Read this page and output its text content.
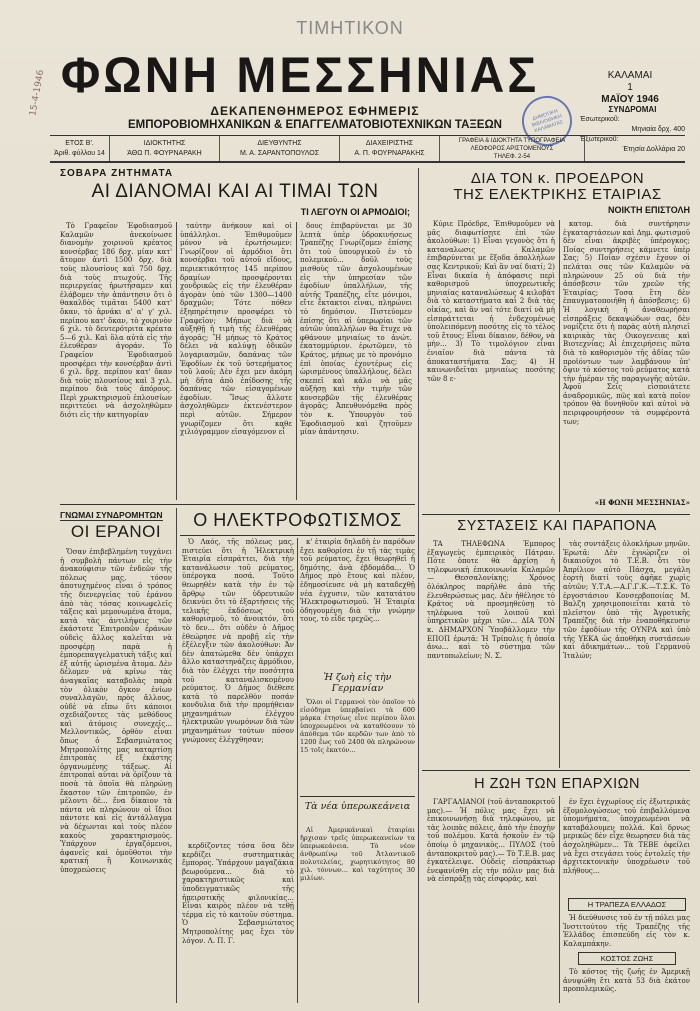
ΤΙΜΗΤΙΚΟΝ
ΦΩΝΗ ΜΕΣΣΗΝΙΑΣ
ΔΕΚΑΠΕΝΘΗΜΕΡΟΣ ΕΦΗΜΕΡΙΣ
ΕΜΠΟΡΟΒΙΟΜΗΧΑΝΙΚΩΝ & ΕΠΑΓΓΕΛΜΑΤΟΒΙΟΤΕΧΝΙΚΩΝ ΤΑΞΕΩΝ
15-4-1946	ΚΑΛΑΜΑΙ
1
ΜΑΪΟΥ 1946
ΔΗΜΟΤΙΚΗ ΒΙΒΛΙΟΘΗΚΗ ΚΑΛΑΜΑΤΑΣ
ΣΥΝΔΡΟΜΑΙ
Έσωτερικοῦ:
Μηνιαία δρχ. 400
Έξωτερικοῦ:
Έτησία Δολλάρια 20
ΕΤΟΣ Β'.
Ἀριθ. φύλλου 14
ΙΔΙΟΚΤΗΤΗΣ
ΆΘΩ Π. ΦΟΥΡΝΑΡΑΚΗ
ΔΙΕΥΘΥΝΤΗΣ
Μ. Α. ΣΑΡΑΝΤΟΠΟΥΛΟΣ
ΔΙΑΧΕΙΡΙΣΤΗΣ
Α. Π. ΦΟΥΡΝΑΡΑΚΗΣ
ΓΡΑΦΕΙΑ & ΙΔΙΟΚΤΗΤΑ ΤΥΠΟΓΡΑΦΕΙΑ
ΛΕΩΦΟΡΟΣ ΑΡΙΣΤΟΜΕΝΟΥΣ
ΤΗΛΕΦ. 2-54
ΣΟΒΑΡΑ ΖΗΤΗΜΑΤΑ
ΑΙ ΔΙΑΝΟΜΑΙ ΚΑΙ ΑΙ ΤΙΜΑΙ ΤΩΝ
ΤΙ ΛΕΓΟΥΝ ΟΙ ΑΡΜΟΔΙΟΙ;

Τὸ Γραφεῖον Ἐφοδιασμοῦ Καλαμῶν ἀνεκοίνωσε διανομὴν χοιρινοῦ κρέατος κονσέρβας 186 δρχ. μίαν κατ' ἄτομον ἀντὶ 1500 δρχ. διὰ τοὺς πλουσίους καὶ 750 δρχ. διὰ τοὺς πτωχούς. Τῆς περιεργείας ἠρωτήσαμεν καὶ ἐλάβομεν τὴν ἀπάντησιν ὅτι ὁ θακαλδὸς τιμᾶται 5400 κατ' ὄκαν, τὸ ἀρνάκι α' α' γ' χιλ. περίπου κατ' ὄκαν, τὸ χοιρινὸν 6 χιλ. τὸ δευτερότριτα κρέατα 5—6 χιλ. Καὶ ὅλα αὐτὰ εἰς τὴν ἐλευθέραν ἀγοράν. Τὸ Γραφεῖον Ἐφοδιασμοῦ προσφέρει τὴν κονσέρβαν ἀντὶ 6 χιλ. δρχ. περίπου κατ' ὄκαν διὰ τοὺς πλουσίους καὶ 3 χιλ. περίπου διὰ τοὺς ἀπόρους. Περὶ χρωκτηρισμοῦ ἐπλουσίων περιττεύει νὰ ἀσχοληθῶμεν διότι εἰς τὴν κατηγορίαν

ταύτην ἀνήκουν καὶ οἱ ὑπάλληλοι. Ἐπιθυμοῦμεν μόνον νὰ ἐρωτήσωμεν: Γνωρίζουν οἱ ἁρμόδιοι ὅτι κονσέρβαι τοῦ αὐτοῦ εἴδους, περιεκτικότητος 145 περίπου δραμίων προσφέρονται χονδρικῶς εἰς τὴν ἐλευθέραν ἀγορὰν ὑπὸ τῶν 1300—1400 δραχμῶν; Τότε πόθεν ἐξηπηρέτησιν προσφέρει τὸ Γραφεῖον; Μήπως διὰ νὰ αὐξηθῇ ἡ τιμὴ τῆς ἐλευθέρας ἀγορᾶς; Ἢ μήπως τὸ Κράτος δέλει νὰ καλύψῃ ὁδικῶν λογαριασμῶν, δαπάνας τῶν Ἐφοδίων ἐκ τοῦ ὑστερήματος τοῦ λαοῦ; Δὲν ἔχει μεν ἀκόμη μὴ δῆτα ἀπὸ ἐπίδοσης τῆς δαπάνας τῶν εἰσαγομένων ἐφοδίων. Ἴσως ἄλλοτε ἀσχοληθῶμεν ἐκτενέστερον περὶ αὐτῶν. Σήμερον γνωρίζομεν ὅτι καθε χιλιόγραμμον εἰσαγόμενον εἶ

δους ἐπιβαρύνεται με 30 λεπτὰ ὑπὲρ ὑδροκινήσεως Τραπέζης Γνωρίζομεν ἐπίσης ὅτι τοῦ ὑπουργικοῦ ἐν τὸ πολεμικοῦ... δοῦλ τοὺς μισθοὺς τῶν ἀσχολουμένων εἰς τὴν ὑπηρεσίαν τῶν ἐφοδίων ὑπαλλήλων, τῆς αὐτῆς Τραπέζης, εἴτε μόνιμοι, εἴτε ἔκτακτοι εἶναι, πληρώνει τὸ δημόσιον. Πιστεύομεν ἐπίσης ὅτι αἱ ὑπερωρίαι τῶν αὐτῶν ὑπαλλήλων θα ἔτυχε νὰ φθάνουν μηνιαίως το ἀνώτ. ἐκατομμύριον. ἐρωτῶμεν, τὸ Κράτος, μήπως με τὸ προνόμιο ἐπὶ ὁποίας ἐχοντέρως εἰς ὡρισμένους ὑπαλλήλους, δέλει σκεπεῖ καὶ κάλο νὰ μᾶς αὐξήσῃ καὶ τὴν τιμὴν τῶν κονσερβῶν τῆς ἐλευθέρας ἀγορᾶς; Ἀπευθυνόμεθα πρὸς τὸν κ. Ὑπουργὸν τοῦ Ἐφοδιασμοῦ καὶ ζητοῦμεν μίαν ἀπάντησιν.

ΔΙΑ ΤΟΝ κ. ΠΡΟΕΔΡΟΝ
ΤΗΣ ΕΛΕΚΤΡΙΚΗΣ ΕΤΑΙΡΙΑΣ
ΝΟΙΚΤΗ ΕΠΙΣΤΟΛΗ

Κύριε Πρόεδρε, Ἐπιθυμοῦμεν νὰ μᾶς διαφωτίσητε ἐπὶ τῶν ἀκολούθων: 1) Εἶναι γεγονὸς ὅτι ἡ καταναλωσις Καλαμῶν ἐπιβαρύνεται με ἔξοδα ἀπολλήλων σας Κεντρικοῦ; Καὶ ἂν ναί διατί; 2) Εἶναι δικαία ἡ ἀπόφασις περὶ καθορισμοῦ ὑποχρεωτικῆς μηνιαίας καταναλώσεως 4 κιλοβάτ διὰ τὸ καταστήματα καὶ 2 διὰ τὰς οἰκίας, καὶ ἂν ναί τότε διατί νὰ μὴ εἰσπράττεται ἡ ἐνδεχομένως ὑπολειπόμενη ποσότης εἰς τὸ τέλος τοῦ ἔτους; Εἶναι δίκαιον, δέθον, νὰ μὴν... 3) Τὸ τιμολόγιον εἶναι ἐνιαῖον διὰ πάντα τὰ ἀποκαταστήματα Σας; 4) Η καινωνιδεῖται μηνιαίως ποσότης τῶν 8 ε-

κατομ. διὰ συντήρησιν ἐγκαταστάσεων καὶ Δημ. φωτισμοῦ δὲν εἶναι ἀκριβὲς ὑπέρογκος; Ποίας συντηρήσεις κάμνετε ὑπὲρ Σας; 5) Ποίαν σχέσιν ἔχουν οἱ πελάται σας τῶν Καλαμῶν νὰ πληρώνουν 25 οὐ διὰ τὴν ἀπόσβεσιν τῶν χρεῶν τῆς Ἑταιρίας; Τοσα ἔτη δὲν ἐπαυγματοποιήθη ἡ ἀπόσβεσις; 6) Ἡ λογικὴ ἡ ἀναθεωρήσαι εἰσπράξεις δεκαψώδων σας, δὲν νομίζετε ὅτι ἡ παρὰς αὐτὴ πλησιεῖ καιρικὰς τὰς Οικογενειας καὶ Βιοτεχνίας; Αἱ ἐπιχειρήσεις πῶτα διὰ τὸ καθορισμὸν τῆς ἀδίας τῶν προϊόντων των λαμβάνουν ὑπ' ὄψιν τὸ κόστος τοῦ ρεύματος κατὰ τὴν ἡμέραν τῆς παραγωγῆς αὐτῶν. Ἀφοῦ Σεῖς εἰσποιάτετε ἀναδρομικῶς, πῶς καὶ κατὰ ποῖον τρόπον θὰ δυνηθοῦν καὶ αὐτοὶ νὰ πειριφρουρήσουν τὰ συμφέροντά των;

«Η ΦΩΝΗ ΜΕΣΣΗΝΙΑΣ»
ΓΝΩΜΑΙ ΣΥΝΔΡΟΜΗΤΩΝ
ΟΙ ΕΡΑΝΟΙ

Ὅσαν ἐπιβεβλημένη τυγχάνει ἡ συμβολὴ πάντων εἰς τὴν ἀνακούφισιν τῶν ἐνδεῶν τῆς πόλεως μας, τόσον ἀποτυχημένος εἶναι ὁ τρόπος τῆς διενεργείας τοῦ ἐράνου ἀπὸ τὰς τόσας κοινωφελεῖς τάξεις καὶ μεμονωμένα ἄτομα, κατὰ τὰς ἀντιλήψεις τῶν ἐκάστοτε Ἐπιτροπῶν ἐράνων οὐδεὶς ἄλλος καλεῖται νὰ προσφέρῃ παρὰ ἡ ἐμπορεπαγγελματικὴ τάξις καὶ ἐξ αὐτῆς ὡρισμένα ἄτομα. Δὲν δέλομεν νὰ κρίνω τὰς ἀναγκαῖας καταβολὰς παρὰ τὸν ὀλικὸν ὄγκον ἐνίων συναλλαγῶν, πρὸς ἄλλους, οὐδὲ νὰ εἴπω ὅτι κάποιοι σχεδιάζοντες τὰς μεθόδους καὶ ἀτόμοις συνεχεῖς... Μελλοντικῶς, ὀρθὸν εἶναι ὅπως ὁ Σεβασμιώτατος Μητροπολίτης μας καταρτίσῃ ἐπιτροπὰς ἐξ ἐκάστης ὀργανωμένης τάξεως. Αἱ ἐπιτροπαὶ αὐται νὰ ὁρίζουν τὰ ποσὰ τὰ ὁποῖα θὰ πληρώνῃ ἕκαστον τῶν ἐπιτροπῶν, ἐν μέλοντι δὲ... ἕνα δίκαιον τὰ πάντα νὰ πληρώνουν οἱ ἴδιοι πάντοτε καὶ εἰς ἀντάλλαγμα νὰ δέχωνται καὶ τοὺς πλέον κακοὺς χαρακτηρισμούς. Ὑπάρχουν ἐργαζόμενοι, ἀφανεῖς καὶ ὁμοῦθοτοι τὴν κρατικὴ ἢ Κοινωνικὰς ὑποχρεώσεις

Ο ΗΛΕΚΤΡΟΦΩΤΙΣΜΟΣ

Ὁ Λαός, τῆς πόλεως μας, πιστεύει ὅτι ἡ Ἠλεκτρικὴ Ἑταιρία εἰσπράττει, διὰ τὴν κατανάλωσιν τοῦ ρεύματος, ὑπέρογκα ποσά. Τοῦτο θεωρηθὲν κατὰ τὴν ἐν τῷ ἄρθρῳ τῶν ὑδρευτικῶν δεικνύει ὅτι τὸ ἐξαρτήσεις τῆς τελικῆς ἐκδόσεως τοῦ καθορισμοῦ, τὸ ἀνοικτόν, ὅτι τὸ δεν... ὅτι οὐδὲν ὁ Δῆμος ἐθεώρησε νὰ προβῇ εἰς τὴν ἐξέλεγξιν τῶν ἀκολούθων: Ἀν δὲν ἀπατώμεθα δὲν ὑπάρχει ἄλλο καταστηνάζεις ἁρμόδιον, διὰ τὸν ἐλέγχει τὴν ποσότητα τοῦ καταναλισκομένου ρεύματος. Ὁ Δῆμος διέθεσε κατὰ τὸ παρελθὸν ποσάν κονδυλια διὰ τὴν προμήθειαν μηχανημάτων ἐλέγχου ἠλεκτρικῶν γνωμόνων διὰ τῶν μηχανημάτων τούτων πόσον γνώμονες ἐλέγχθησαν;

κ' ἑταιρία δηλαδὴ ἐν παρόδων ἔχει καθορίσει ἐν τῇ τὰς τιμὰς τοῦ ρεύματος, ἔχει θεωρηθεῖ ἡ δημότης, ἀνὰ ἐβδομάδα... Ὁ Δῆμος πρὸ ἔτους καὶ πλέον, ἐδημοσίευσε νὰ μὴ καταδεχθῇ νέα ἐγχυσιν, τῶν κατατάτου Ἠλεκτροφωτισμοῦ. Ἡ Ἑταιρία ὁδηγουμένη διὰ τὴν γνώμην τους, τὸ εἶδε τρεχῶς...

Ἡ ζωὴ εἰς τὴν Γερμανίαν

Ὅλοι οἱ Γερμανοὶ τὸν ὁποῖον τὸ εἰσόδημα ὑπερβαίνει τὰ 600 μάρκα ἐτησίως εἶνε περίπου ὅλοι ὑποχρεωμένοι νὰ καταθέσουν τὸ ἀπόθεμα τῶν κερδῶν των ἀπὸ τὸ 1200 ἕως τοῦ 2400 θὰ πληρώνουν 15 τοῖς ἑκατόν...

κερδίζοντες τόσα ὅσα δὲν κερδίζει συστηματικὰς ἔμπορος. Ὑπάρχουν μαγαζάκια βεωρούμενα... διὰ τὸ χαρακτηριστικῶς καὶ ὑποδειγματικῶς τῆς ἠπειροτικῆς φιλονικίας... Εἶναι καιρὸς πλέον νὰ τεθῇ τέρμα εἰς τὸ καιτοῦν σύστημα. Ὁ Σεβασμιώτατος Μητροπολίτης μας ἔχει τὸν λόγον. Λ. Π. Γ.

Τὰ νέα ὑπερωκεάνεια

Αἱ Ἀμερικάνικαὶ ἑταιρίαι ἤρχισαν τρεῖς ὑπερωκεανείων τα ὑπερωκεάνεια. Τὸ νέον ἀνθρωπίνῳ τοῦ Ἀτλαντικοῦ πολυτελείας, χωρητικότητος 80 χιλ. τόννων... καὶ ταχύτητος 30 μιλίων.

ΣΥΣΤΑΣΕΙΣ ΚΑΙ ΠΑΡΑΠΟΝΑ

ΤΑ ΤΗΛΕΦΩΝΑ Ἐμπορος ἐξαγωγεὺς ἐμπειρικὸς Πάτραν. Πότε ὁποτε θὰ ἀρχίσῃ ἡ τηλεφωνικὴ ἐπικοινωνία Καλαμῶν — Θεσσαλονίκης; Χρόνος ὁλόκληρος παρῆλθε ἀπὸ τῆς ἐλευθερώσεως μας. Δὲν ἠθέλησε τὸ Κράτος νὰ προσμηθεύσῃ τὸ τηλέφωνα τοῦ λοιποῦ καὶ ὑπηρετικῶν μέχρι τῶν... ΔΙΑ ΤΟΝ κ. ΔΗΜΑΡΧΟΝ Ὑποβάλλομεν τὴν ΕΠΟΠ ἐρωτᾶ: Ἡ Τρίπολις ἡ ὁποία ἀνω... καὶ τὸ σύστημα τῶν παντοπωλείων; Ν. Σ.

τὰς συντάξεις ὁλοκλήρων μηνῶν. Ἐρωτᾶ: Δὲν ἐγνώριζεν οἱ δικαιοῦχοι τὸ Τ.Ε.Β. ὅτι τὸν Ἀπρίλιον αὐτὸ Πάσχα, μεγάλη ἑορτὴ διατί τοὺς ἀφῆκε χωρὶς αὐτῶν; Υ.Τ.Α.—Α.Γ.Γ.Κ.—Τ.Σ.Κ. Τὸ ἐργοστάσιον Κονσερβοποιίας Μ. Βαλζη χρησιμοποιεῖται κατὰ τὸ πλεῖστον ὑπὸ τῆς Ἀγροτικῆς Τραπέζης διὰ τὴν ἐναποθήκευσιν τῶν ἐφοδίων τῆς ΟΥΝΡΑ καὶ ὑπὸ τῆς ΥΕΚΑ ὡς ἀποθήκη συστάσεων καὶ ἀδικημάτων... τοῦ Γερμανοῦ Ἰταλών;

Η ΖΩΗ ΤΩΝ ΕΠΑΡΧΙΩΝ

ΓΑΡΓΑΛΙΑΝΟΙ (τοῦ ἀνταποκριτοῦ μας).— Ἡ πόλις μας ἔχει νὰ ἐπικοινωνήσῃ διὰ τηλεφώνου, με τὰς λοιπὰς πόλεις, ἀπὸ τὴν ἐποχὴν τοῦ πολέμου. Κατὰ ἠσκοῦν ἐν τῷ ὁποίῳ ὁ μηχανικὸς... ΠΥΛΟΣ (τοῦ ἀνταποκριτοῦ μας).— Τὸ Τ.Ε.Β. μας ἐγκατέλειψε. Οὐδεὶς εἰσπράκτωρ ἐνεφανίσθη εἰς τὴν πόλιν μας διὰ νὰ εἰσπράξῃ τὰς εἰσφοράς, καὶ

ἐν ἔχει ἐγχωρίους εἰς ἐξωτερικὰς ἐξομολογώσεως τοῦ ἐπιβαλλόμενα ὑπομνήματα, ὑποχρεωμένοι νὰ καταβάλουμεν πολλά. Καὶ δρνως μερικῶς δὲν εἶχε θεωρησεν διὰ τὰς ἀσχοληθῶμεν... Τὰ ΤΕΒΕ ὀφείλει νὰ ἔχει στεγάσει τοὺς ἐντολεῖς τὴν ἀρχιτεκτονικὴν ὑποχρέωσιν τοῦ πλήθους...

Η ΤΡΑΠΕΖΑ ΕΛΛΑΔΟΣ

Ἡ διεύθυνσις τοῦ ἐν τῇ πόλει μας Ἰνστιτούτου τῆς Τραπέζης τῆς Ἑλλάδος ἐπισπεύδη εἰς τὸν κ. Καλαμπάκην.

ΚΟΣΤΟΣ ΖΩΗΣ

Τὸ κόστος τῆς ζωῆς ἐν Ἀμερικῇ ἀνυψώθη ἔτι κατὰ 53 διὰ ἑκάτον προπολεμικῶς.
